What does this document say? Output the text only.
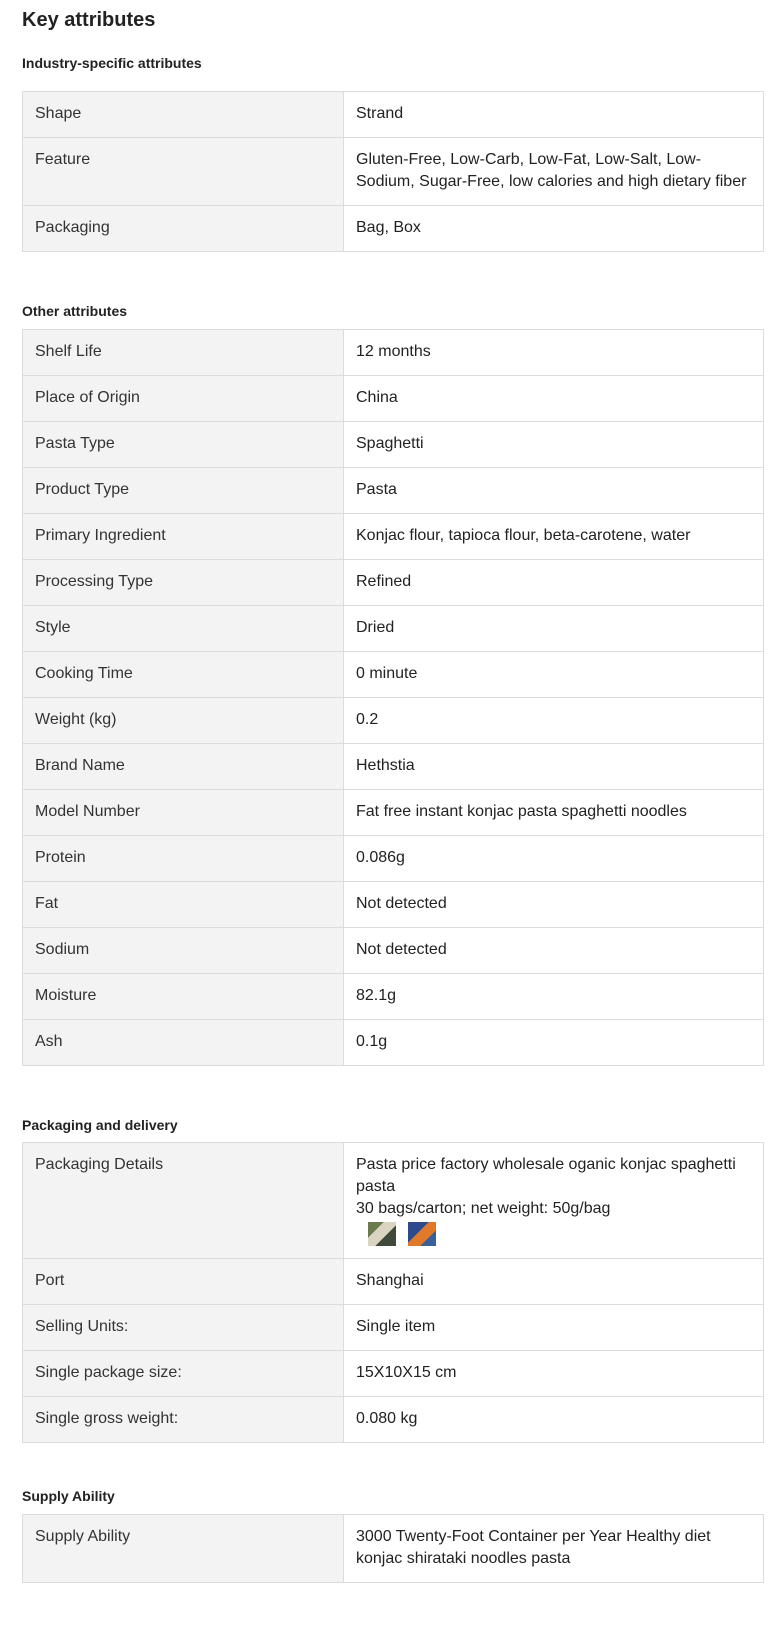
Key attributes
Industry-specific attributes
Shape	Strand
Feature	Gluten-Free, Low-Carb, Low-Fat, Low-Salt, Low-Sodium, Sugar-Free, low calories and high dietary fiber
Packaging	Bag, Box
Other attributes
Shelf Life	12 months
Place of Origin	China
Pasta Type	Spaghetti
Product Type	Pasta
Primary Ingredient	Konjac flour, tapioca flour, beta-carotene, water
Processing Type	Refined
Style	Dried
Cooking Time	0 minute
Weight (kg)	0.2
Brand Name	Hethstia
Model Number	Fat free instant konjac pasta spaghetti noodles
Protein	0.086g
Fat	Not detected
Sodium	Not detected
Moisture	82.1g
Ash	0.1g
Packaging and delivery
Packaging Details	Pasta price factory wholesale oganic konjac spaghetti pasta
30 bags/carton; net weight: 50g/bag

Port	Shanghai
Selling Units:	Single item
Single package size:	15X10X15 cm
Single gross weight:	0.080 kg
Supply Ability
Supply Ability	3000 Twenty-Foot Container per Year Healthy diet konjac shirataki noodles pasta
